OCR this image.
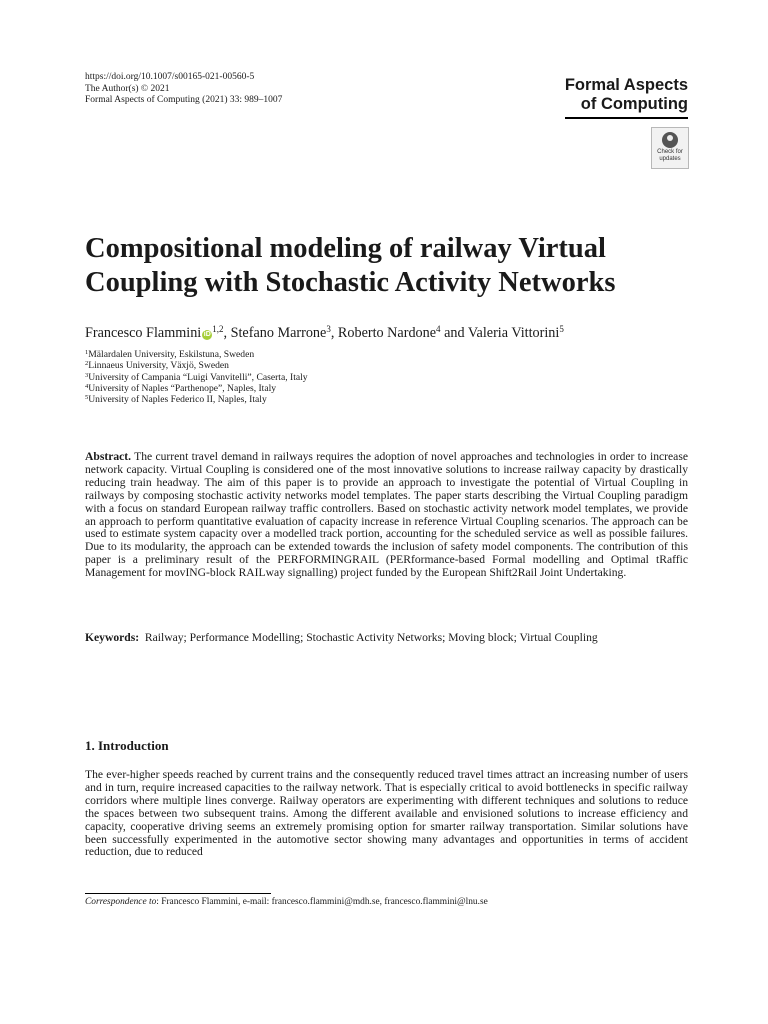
https://doi.org/10.1007/s00165-021-00560-5
The Author(s) © 2021
Formal Aspects of Computing (2021) 33: 989–1007
Formal Aspects
of Computing
Check for
updates
Compositional modeling of railway Virtual Coupling with Stochastic Activity Networks
Francesco Flammini iD$^{1,2}$, Stefano Marrone$^3$, Roberto Nardone$^4$ and Valeria Vittorini$^5$
$^1$Mälardalen University, Eskilstuna, Sweden
$^2$Linnaeus University, Växjö, Sweden
$^3$University of Campania “Luigi Vanvitelli”, Caserta, Italy
$^4$University of Naples “Parthenope”, Naples, Italy
$^5$University of Naples Federico II, Naples, Italy

Abstract. The current travel demand in railways requires the adoption of novel approaches and technologies in order to increase network capacity. Virtual Coupling is considered one of the most innovative solutions to increase railway capacity by drastically reducing train headway. The aim of this paper is to provide an approach to investigate the potential of Virtual Coupling in railways by composing stochastic activity networks model templates. The paper starts describing the Virtual Coupling paradigm with a focus on standard European railway traffic controllers. Based on stochastic activity network model templates, we provide an approach to perform quantitative evaluation of capacity increase in reference Virtual Coupling scenarios. The approach can be used to estimate system capacity over a modelled track portion, accounting for the scheduled service as well as possible failures. Due to its modularity, the approach can be extended towards the inclusion of safety model components. The contribution of this paper is a preliminary result of the PERFORMINGRAIL (PERformance-based Formal modelling and Optimal tRaffic Management for movING-block RAILway signalling) project funded by the European Shift2Rail Joint Undertaking.

Keywords: Railway; Performance Modelling; Stochastic Activity Networks; Moving block; Virtual Coupling
1. Introduction

The ever-higher speeds reached by current trains and the consequently reduced travel times attract an increasing number of users and in turn, require increased capacities to the railway network. That is especially critical to avoid bottlenecks in specific railway corridors where multiple lines converge. Railway operators are experimenting with different techniques and solutions to reduce the spaces between two subsequent trains. Among the different available and envisioned solutions to increase efficiency and capacity, cooperative driving seems an extremely promising option for smarter railway transportation. Similar solutions have been successfully experimented in the automotive sector showing many advantages and opportunities in terms of accident reduction, due to reduced

Correspondence to: Francesco Flammini, e-mail: francesco.flammini@mdh.se, francesco.flammini@lnu.se
